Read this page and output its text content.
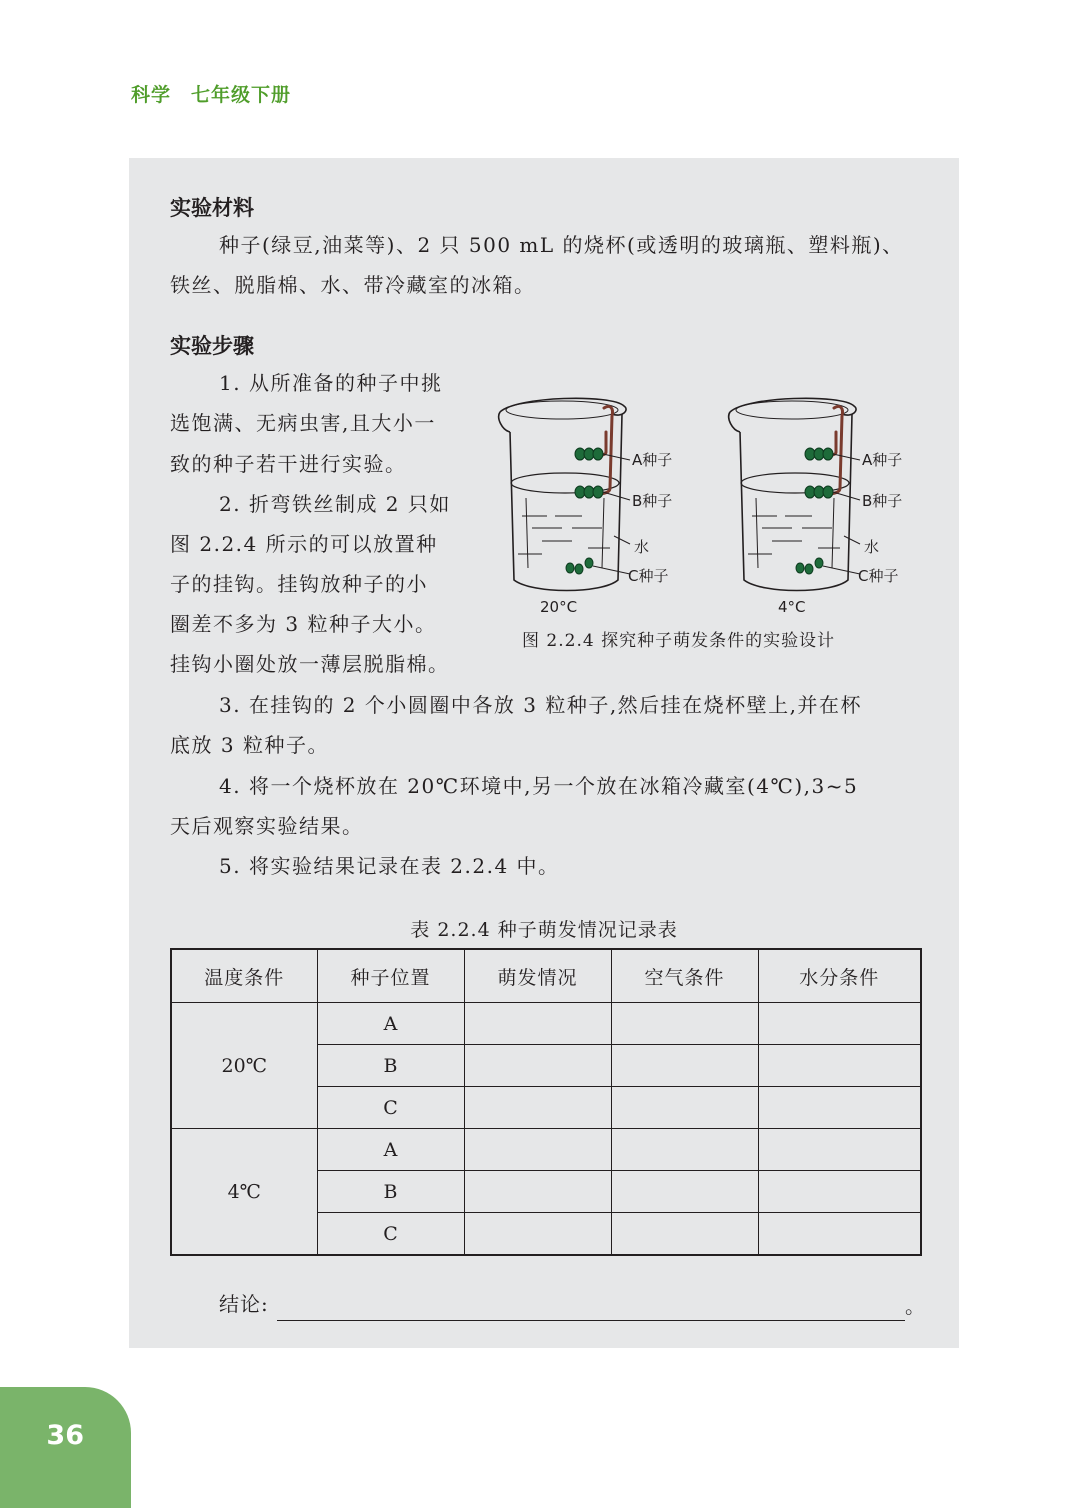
科学 七年级下册
实验材料
种子(绿豆,油菜等)、2 只 500 mL 的烧杯(或透明的玻璃瓶、塑料瓶)、
铁丝、脱脂棉、水、带冷藏室的冰箱。
实验步骤
1. 从所准备的种子中挑
选饱满、无病虫害,且大小一
致的种子若干进行实验。
2. 折弯铁丝制成 2 只如
图 2.2.4 所示的可以放置种
子的挂钩。挂钩放种子的小
圈差不多为 3 粒种子大小。
挂钩小圈处放一薄层脱脂棉。
3. 在挂钩的 2 个小圆圈中各放 3 粒种子,然后挂在烧杯壁上,并在杯
底放 3 粒种子。
4. 将一个烧杯放在 20℃环境中,另一个放在冰箱冷藏室(4℃),3~5
天后观察实验结果。
5. 将实验结果记录在表 2.2.4 中。
A种子
B种子
水
C种子
20°C
A种子
B种子
水
C种子
4°C
图 2.2.4 探究种子萌发条件的实验设计
表 2.2.4 种子萌发情况记录表
温度条件	种子位置	萌发情况	空气条件	水分条件
20℃	A			
	B			
	C			
4℃	A			
	B			
	C			
结论:	。
36
